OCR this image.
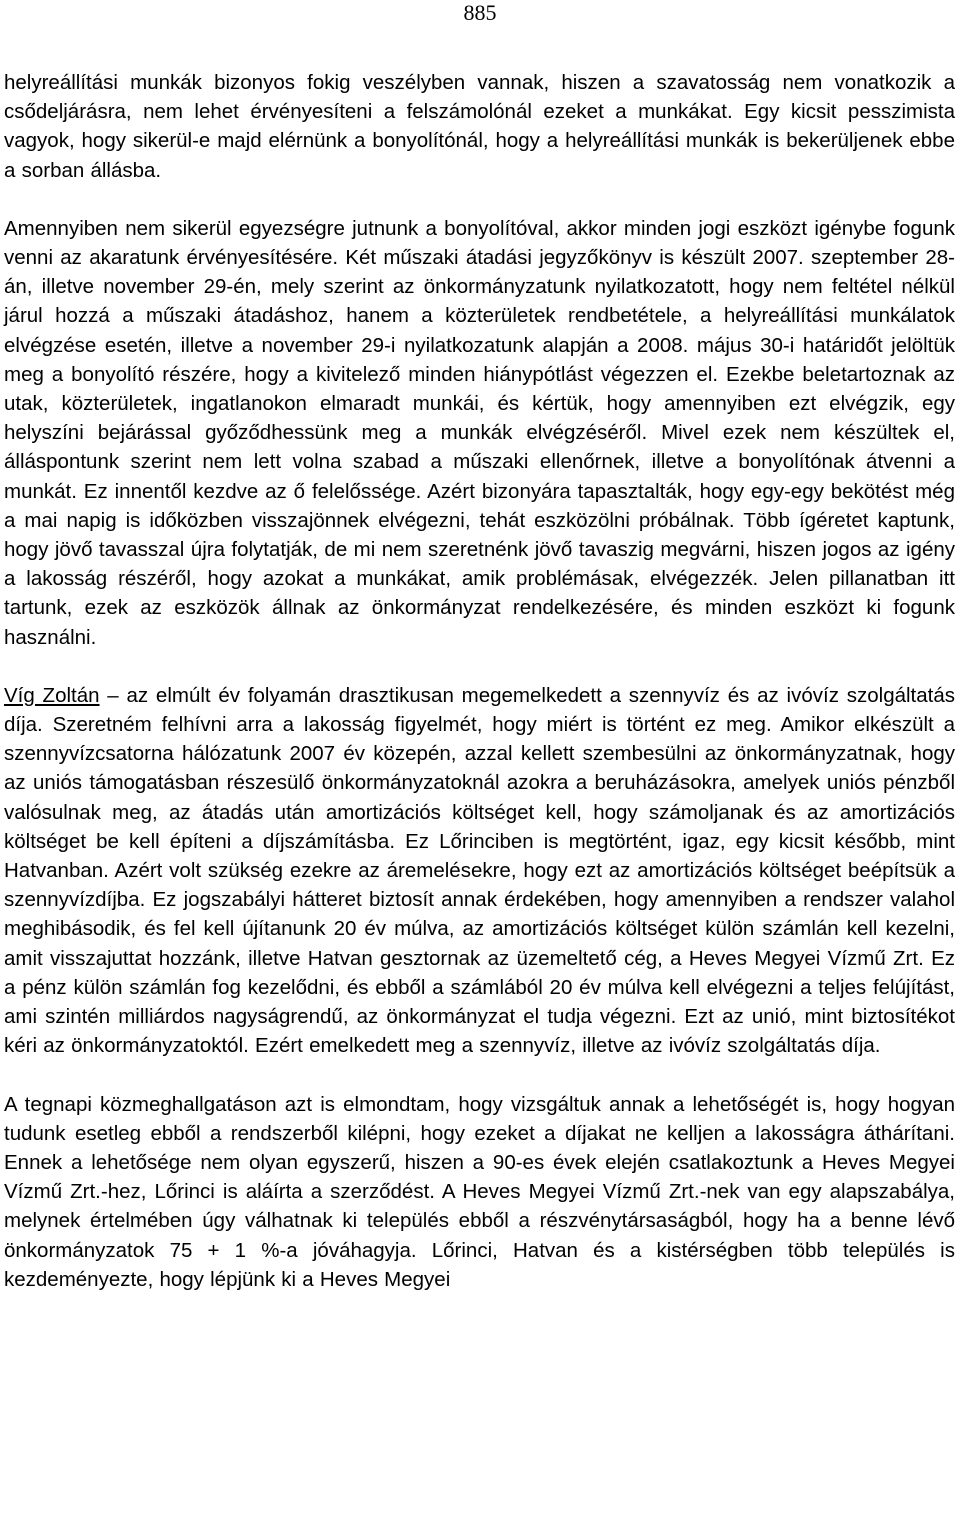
885

helyreállítási munkák bizonyos fokig veszélyben vannak, hiszen a szavatosság nem vonatkozik a csődeljárásra, nem lehet érvényesíteni a felszámolónál ezeket a munkákat. Egy kicsit pesszimista vagyok, hogy sikerül-e majd elérnünk a bonyolítónál, hogy a helyreállítási munkák is bekerüljenek ebbe a sorban állásba.

Amennyiben nem sikerül egyezségre jutnunk a bonyolítóval, akkor minden jogi eszközt igénybe fogunk venni az akaratunk érvényesítésére. Két műszaki átadási jegyzőkönyv is készült 2007. szeptember 28-án, illetve november 29-én, mely szerint az önkormányzatunk nyilatkozatott, hogy nem feltétel nélkül járul hozzá a műszaki átadáshoz, hanem a közterületek rendbetétele, a helyreállítási munkálatok elvégzése esetén, illetve a november 29-i nyilatkozatunk alapján a 2008. május 30-i határidőt jelöltük meg a bonyolító részére, hogy a kivitelező minden hiánypótlást végezzen el. Ezekbe beletartoznak az utak, közterületek, ingatlanokon elmaradt munkái, és kértük, hogy amennyiben ezt elvégzik, egy helyszíni bejárással győződhessünk meg a munkák elvégzéséről. Mivel ezek nem készültek el, álláspontunk szerint nem lett volna szabad a műszaki ellenőrnek, illetve a bonyolítónak átvenni a munkát. Ez innentől kezdve az ő felelőssége. Azért bizonyára tapasztalták, hogy egy-egy bekötést még a mai napig is időközben visszajönnek elvégezni, tehát eszközölni próbálnak. Több ígéretet kaptunk, hogy jövő tavasszal újra folytatják, de mi nem szeretnénk jövő tavaszig megvárni, hiszen jogos az igény a lakosság részéről, hogy azokat a munkákat, amik problémásak, elvégezzék. Jelen pillanatban itt tartunk, ezek az eszközök állnak az önkormányzat rendelkezésére, és minden eszközt ki fogunk használni.

Víg Zoltán – az elmúlt év folyamán drasztikusan megemelkedett a szennyvíz és az ivóvíz szolgáltatás díja. Szeretném felhívni arra a lakosság figyelmét, hogy miért is történt ez meg. Amikor elkészült a szennyvízcsatorna hálózatunk 2007 év közepén, azzal kellett szembesülni az önkormányzatnak, hogy az uniós támogatásban részesülő önkormányzatoknál azokra a beruházásokra, amelyek uniós pénzből valósulnak meg, az átadás után amortizációs költséget kell, hogy számoljanak és az amortizációs költséget be kell építeni a díjszámításba. Ez Lőrinciben is megtörtént, igaz, egy kicsit később, mint Hatvanban. Azért volt szükség ezekre az áremelésekre, hogy ezt az amortizációs költséget beépítsük a szennyvízdíjba. Ez jogszabályi hátteret biztosít annak érdekében, hogy amennyiben a rendszer valahol meghibásodik, és fel kell újítanunk 20 év múlva, az amortizációs költséget külön számlán kell kezelni, amit visszajuttat hozzánk, illetve Hatvan gesztornak az üzemeltető cég, a Heves Megyei Vízmű Zrt. Ez a pénz külön számlán fog kezelődni, és ebből a számlából 20 év múlva kell elvégezni a teljes felújítást, ami szintén milliárdos nagyságrendű, az önkormányzat el tudja végezni. Ezt az unió, mint biztosítékot kéri az önkormányzatoktól. Ezért emelkedett meg a szennyvíz, illetve az ivóvíz szolgáltatás díja.

A tegnapi közmeghallgatáson azt is elmondtam, hogy vizsgáltuk annak a lehetőségét is, hogy hogyan tudunk esetleg ebből a rendszerből kilépni, hogy ezeket a díjakat ne kelljen a lakosságra áthárítani. Ennek a lehetősége nem olyan egyszerű, hiszen a 90-es évek elején csatlakoztunk a Heves Megyei Vízmű Zrt.-hez, Lőrinci is aláírta a szerződést. A Heves Megyei Vízmű Zrt.-nek van egy alapszabálya, melynek értelmében úgy válhatnak ki település ebből a részvénytársaságból, hogy ha a benne lévő önkormányzatok 75 + 1 %-a jóváhagyja. Lőrinci, Hatvan és a kistérségben több település is kezdeményezte, hogy lépjünk ki a Heves Megyei
